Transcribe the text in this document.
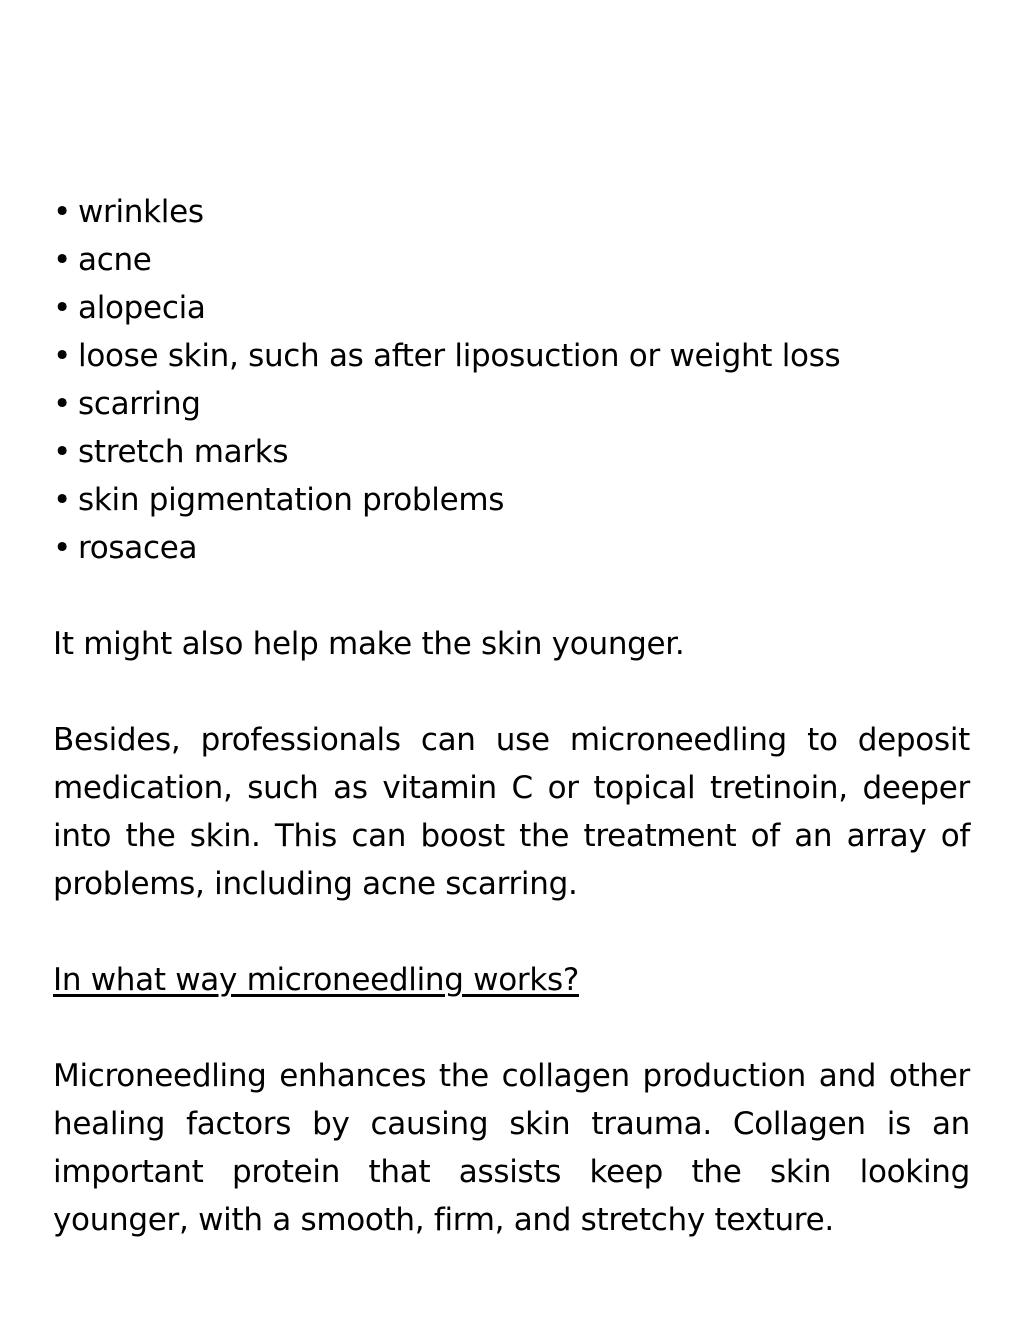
• wrinkles
• acne
• alopecia
• loose skin, such as after liposuction or weight loss
• scarring
• stretch marks
• skin pigmentation problems
• rosacea

It might also help make the skin younger.

Besides, professionals can use microneedling to deposit medication, such as vitamin C or topical tretinoin, deeper into the skin. This can boost the treatment of an array of problems, including acne scarring.

In what way microneedling works?

Microneedling enhances the collagen production and other healing factors by causing skin trauma. Collagen is an important protein that assists keep the skin looking younger, with a smooth, firm, and stretchy texture.
